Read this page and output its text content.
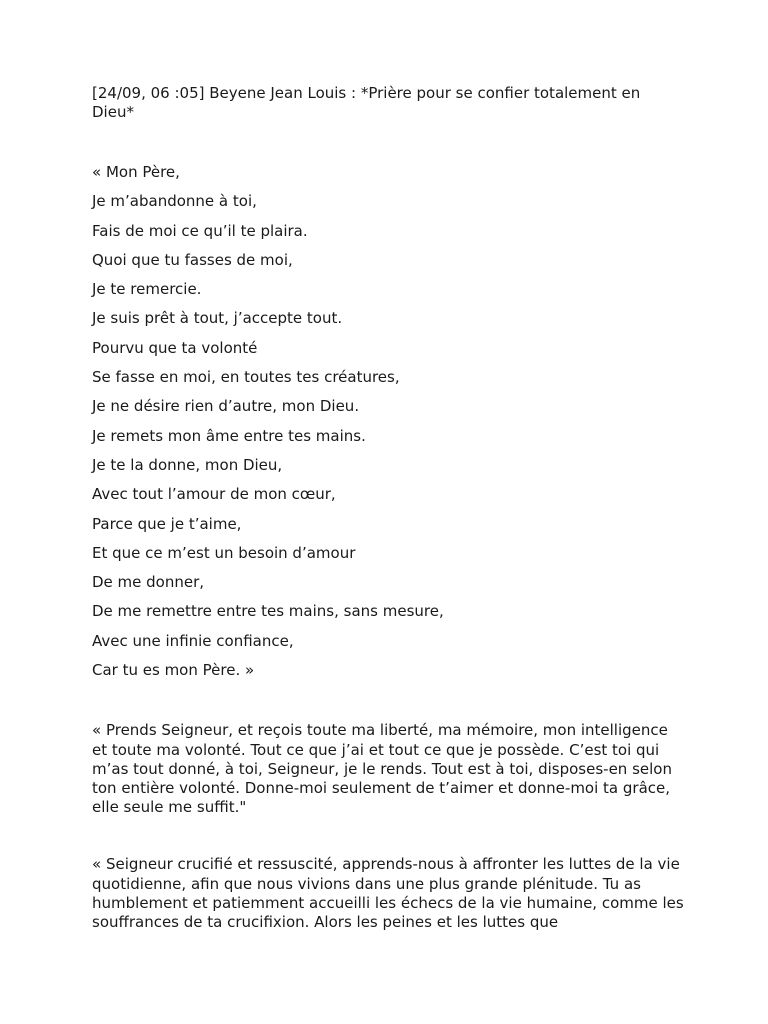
[24/09, 06 :05] Beyene Jean Louis : *Prière pour se confier totalement en Dieu*

« Mon Père,
Je m’abandonne à toi,
Fais de moi ce qu’il te plaira.
Quoi que tu fasses de moi,
Je te remercie.
Je suis prêt à tout, j’accepte tout.
Pourvu que ta volonté
Se fasse en moi, en toutes tes créatures,
Je ne désire rien d’autre, mon Dieu.
Je remets mon âme entre tes mains.
Je te la donne, mon Dieu,
Avec tout l’amour de mon cœur,
Parce que je t’aime,
Et que ce m’est un besoin d’amour
De me donner,
De me remettre entre tes mains, sans mesure,
Avec une infinie confiance,
Car tu es mon Père. »

« Prends Seigneur, et reçois toute ma liberté, ma mémoire, mon intelligence et toute ma volonté. Tout ce que j’ai et tout ce que je possède. C’est toi qui m’as tout donné, à toi, Seigneur, je le rends. Tout est à toi, disposes-en selon ton entière volonté. Donne-moi seulement de t’aimer et donne-moi ta grâce, elle seule me suffit."

« Seigneur crucifié et ressuscité, apprends-nous à affronter les luttes de la vie quotidienne, afin que nous vivions dans une plus grande plénitude. Tu as humblement et patiemment accueilli les échecs de la vie humaine, comme les souffrances de ta crucifixion. Alors les peines et les luttes que
